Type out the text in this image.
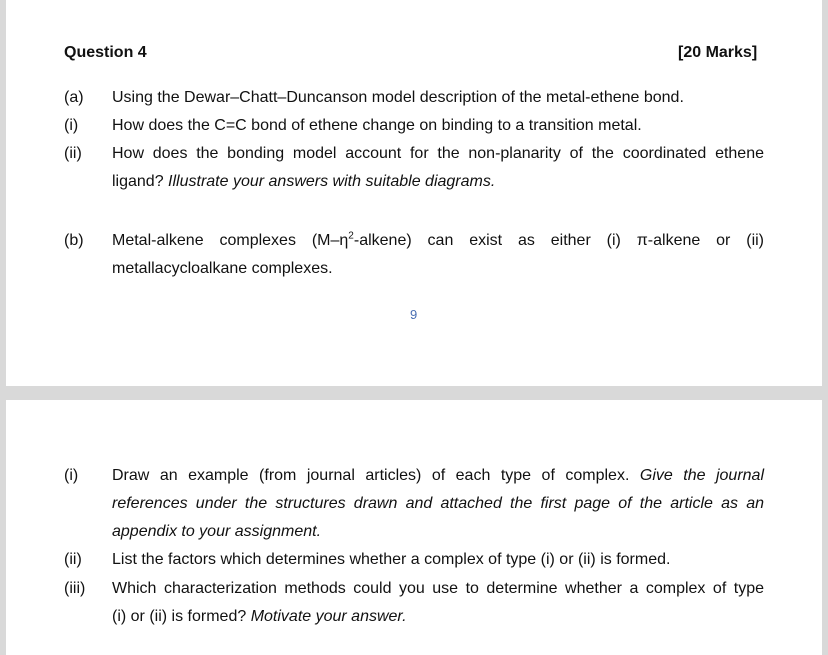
Question 4	[20 Marks]
(a) Using the Dewar–Chatt–Duncanson model description of the metal-ethene bond.
(i) How does the C=C bond of ethene change on binding to a transition metal.
(ii) How does the bonding model account for the non-planarity of the coordinated ethene
ligand? Illustrate your answers with suitable diagrams.
(b) Metal-alkene complexes $(M-\eta^2-alkene)$ can exist as either (i) π-alkene or (ii)
metallacycloalkane complexes.
9
(i) Draw an example (from journal articles) of each type of complex. Give the journal
references under the structures drawn and attached the first page of the article as an
appendix to your assignment.
(ii) List the factors which determines whether a complex of type (i) or (ii) is formed.
(iii) Which characterization methods could you use to determine whether a complex of type
(i) or (ii) is formed? Motivate your answer.
